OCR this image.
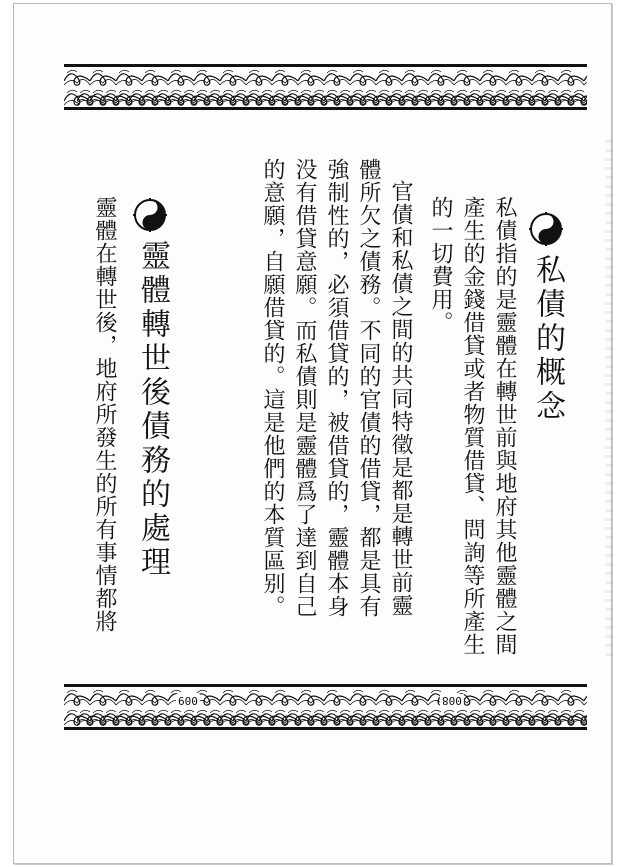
009	008
私債的概念
私債指的是靈體在轉世前與地府其他靈體之間產生的金錢借貸或者物質借貸、問詢等所產生的一切費用。
官債和私債之間的共同特徵是都是轉世前靈體所欠之債務。不同的官債的借貸，都是具有強制性的，必須借貸的，被借貸的，靈體本身没有借貸意願。而私債則是靈體爲了達到自己的意願，自願借貸的。這是他們的本質區别。
靈體轉世後債務的處理
靈體在轉世後，地府所發生的所有事情都將
